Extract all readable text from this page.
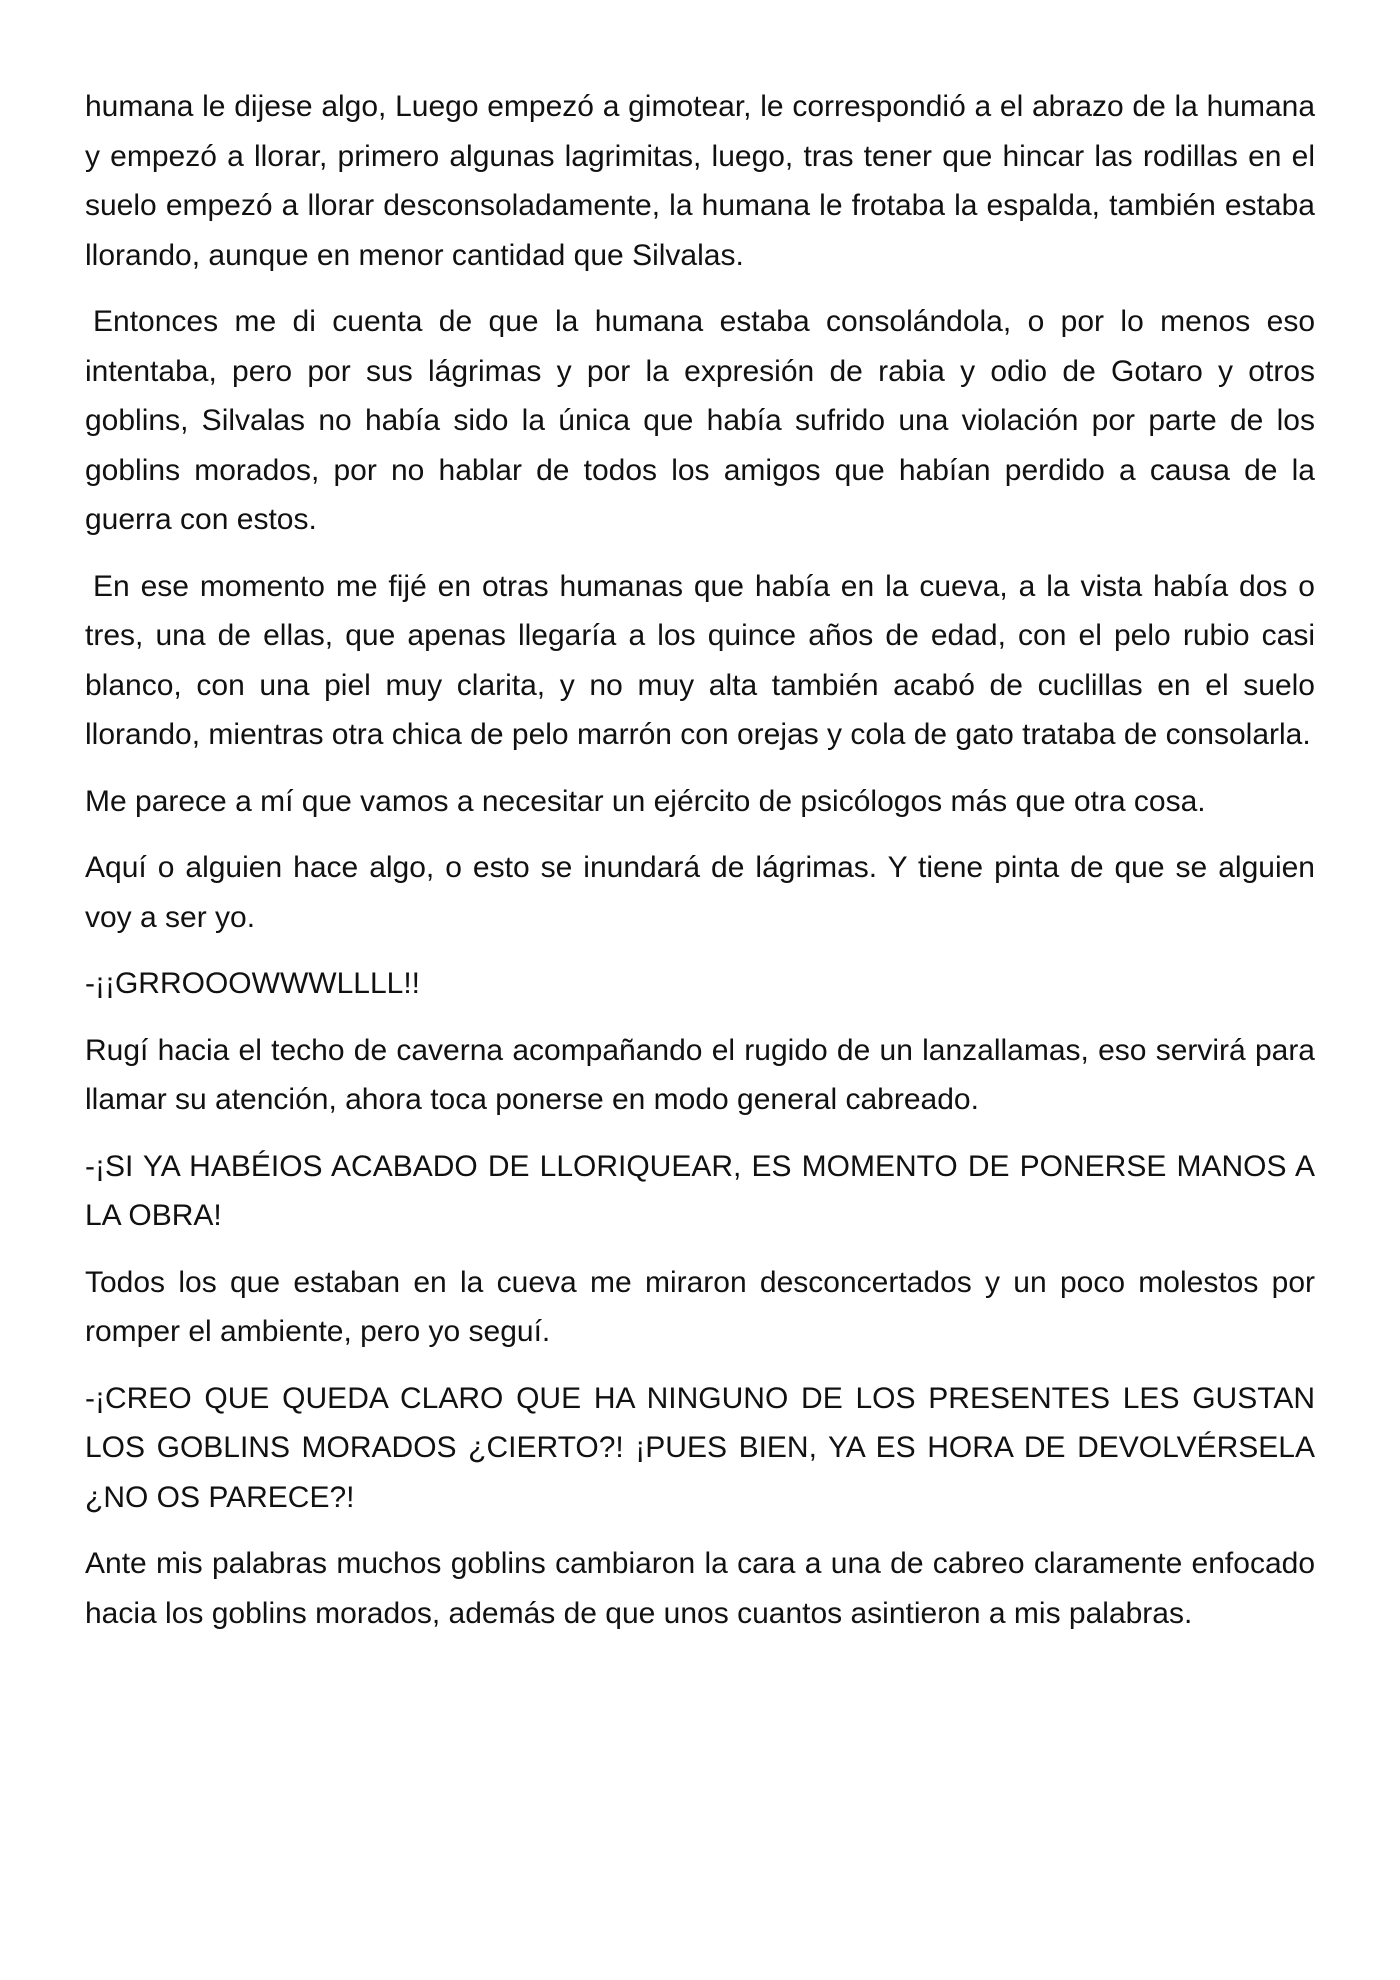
humana le dijese algo, Luego empezó a gimotear, le correspondió a el abrazo de la humana y empezó a llorar, primero algunas lagrimitas, luego, tras tener que hincar las rodillas en el suelo empezó a llorar desconsoladamente, la humana le frotaba la espalda, también estaba llorando, aunque en menor cantidad que Silvalas.

Entonces me di cuenta de que la humana estaba consolándola, o por lo menos eso intentaba, pero por sus lágrimas y por la expresión de rabia y odio de Gotaro y otros goblins, Silvalas no había sido la única que había sufrido una violación por parte de los goblins morados, por no hablar de todos los amigos que habían perdido a causa de la guerra con estos.

En ese momento me fijé en otras humanas que había en la cueva, a la vista había dos o tres, una de ellas, que apenas llegaría a los quince años de edad, con el pelo rubio casi blanco, con una piel muy clarita, y no muy alta también acabó de cuclillas en el suelo llorando, mientras otra chica de pelo marrón con orejas y cola de gato trataba de consolarla.

Me parece a mí que vamos a necesitar un ejército de psicólogos más que otra cosa.

Aquí o alguien hace algo, o esto se inundará de lágrimas. Y tiene pinta de que se alguien voy a ser yo.

-¡¡GRROOOWWWLLLL!!

Rugí hacia el techo de caverna acompañando el rugido de un lanzallamas, eso servirá para llamar su atención, ahora toca ponerse en modo general cabreado.

-¡SI YA HABÉIOS ACABADO DE LLORIQUEAR, ES MOMENTO DE PONERSE MANOS A LA OBRA!

Todos los que estaban en la cueva me miraron desconcertados y un poco molestos por romper el ambiente, pero yo seguí.

-¡CREO QUE QUEDA CLARO QUE HA NINGUNO DE LOS PRESENTES LES GUSTAN LOS GOBLINS MORADOS ¿CIERTO?! ¡PUES BIEN, YA ES HORA DE DEVOLVÉRSELA ¿NO OS PARECE?!

Ante mis palabras muchos goblins cambiaron la cara a una de cabreo claramente enfocado hacia los goblins morados, además de que unos cuantos asintieron a mis palabras.
